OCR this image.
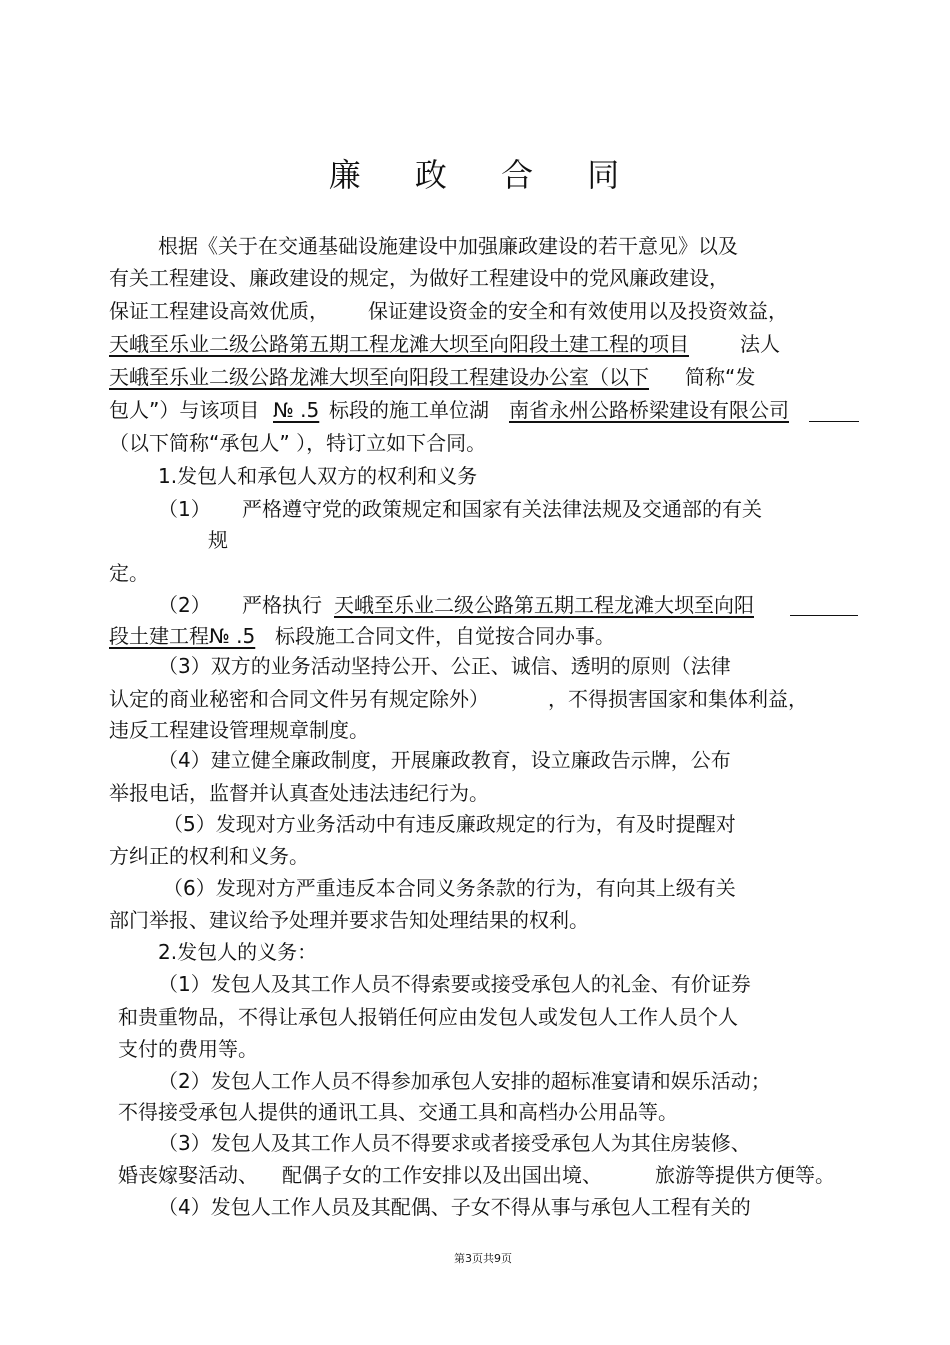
廉 政 合 同
根据《关于在交通基础设施建设中加强廉政建设的若干意见》以及
有关工程建设、廉政建设的规定，为做好工程建设中的党风廉政建设，
保证工程建设高效优质， 保证建设资金的安全和有效使用以及投资效益，
天峨至乐业二级公路第五期工程龙滩大坝至向阳段土建工程的项目	法人
天峨至乐业二级公路龙滩大坝至向阳段工程建设办公室（以下 简称“发
包人”）与该项目 № .5 标段的施工单位湖 南省永州公路桥梁建设有限公司
（以下简称“承包人” ），特订立如下合同。
1.发包人和承包人双方的权利和义务
（1） 严格遵守党的政策规定和国家有关法律法规及交通部的有关
规
定。
（2） 严格执行 天峨至乐业二级公路第五期工程龙滩大坝至向阳
段土建工程№ .5 标段施工合同文件，自觉按合同办事。
（3）双方的业务活动坚持公开、公正、诚信、透明的原则（法律
认定的商业秘密和合同文件另有规定除外）	，不得损害国家和集体利益，
违反工程建设管理规章制度。
（4）建立健全廉政制度，开展廉政教育，设立廉政告示牌，公布
举报电话，监督并认真查处违法违纪行为。
（5）发现对方业务活动中有违反廉政规定的行为，有及时提醒对
方纠正的权利和义务。
（6）发现对方严重违反本合同义务条款的行为，有向其上级有关
部门举报、建议给予处理并要求告知处理结果的权利。
2.发包人的义务：
（1）发包人及其工作人员不得索要或接受承包人的礼金、有价证券
和贵重物品，不得让承包人报销任何应由发包人或发包人工作人员个人
支付的费用等。
（2）发包人工作人员不得参加承包人安排的超标准宴请和娱乐活动；
不得接受承包人提供的通讯工具、交通工具和高档办公用品等。
（3）发包人及其工作人员不得要求或者接受承包人为其住房装修、
婚丧嫁娶活动、 配偶子女的工作安排以及出国出境、	旅游等提供方便等。
（4）发包人工作人员及其配偶、子女不得从事与承包人工程有关的
第3页共9页
